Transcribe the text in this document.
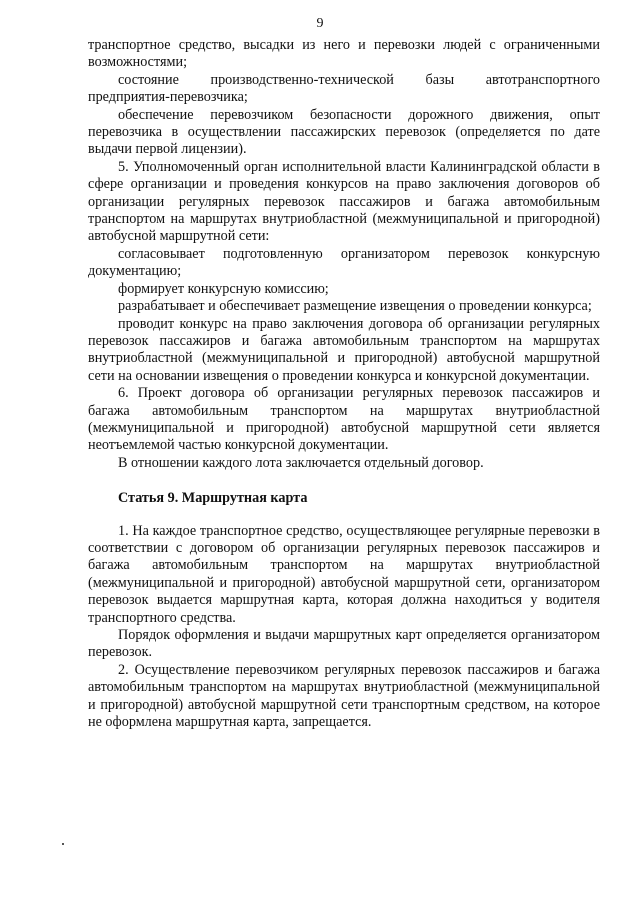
9

транспортное средство, высадки из него и перевозки людей с ограниченными возможностями;

состояние производственно-технической базы автотранспортного предприятия-перевозчика;

обеспечение перевозчиком безопасности дорожного движения, опыт перевозчика в осуществлении пассажирских перевозок (определяется по дате выдачи первой лицензии).

5. Уполномоченный орган исполнительной власти Калининградской области в сфере организации и проведения конкурсов на право заключения договоров об организации регулярных перевозок пассажиров и багажа автомобильным транспортом на маршрутах внутриобластной (межмуниципальной и пригородной) автобусной маршрутной сети:

согласовывает подготовленную организатором перевозок конкурсную документацию;

формирует конкурсную комиссию;

разрабатывает и обеспечивает размещение извещения о проведении конкурса;

проводит конкурс на право заключения договора об организации регулярных перевозок пассажиров и багажа автомобильным транспортом на маршрутах внутриобластной (межмуниципальной и пригородной) автобусной маршрутной сети на основании извещения о проведении конкурса и конкурсной документации.

6. Проект договора об организации регулярных перевозок пассажиров и багажа автомобильным транспортом на маршрутах внутриобластной (межмуниципальной и пригородной) автобусной маршрутной сети является неотъемлемой частью конкурсной документации.

В отношении каждого лота заключается отдельный договор.

Статья 9. Маршрутная карта

1. На каждое транспортное средство, осуществляющее регулярные перевозки в соответствии с договором об организации регулярных перевозок пассажиров и багажа автомобильным транспортом на маршрутах внутриобластной (межмуниципальной и пригородной) автобусной маршрутной сети, организатором перевозок выдается маршрутная карта, которая должна находиться у водителя транспортного средства.

Порядок оформления и выдачи маршрутных карт определяется организатором перевозок.

2. Осуществление перевозчиком регулярных перевозок пассажиров и багажа автомобильным транспортом на маршрутах внутриобластной (межмуниципальной и пригородной) автобусной маршрутной сети транспортным средством, на которое не оформлена маршрутная карта, запрещается.
